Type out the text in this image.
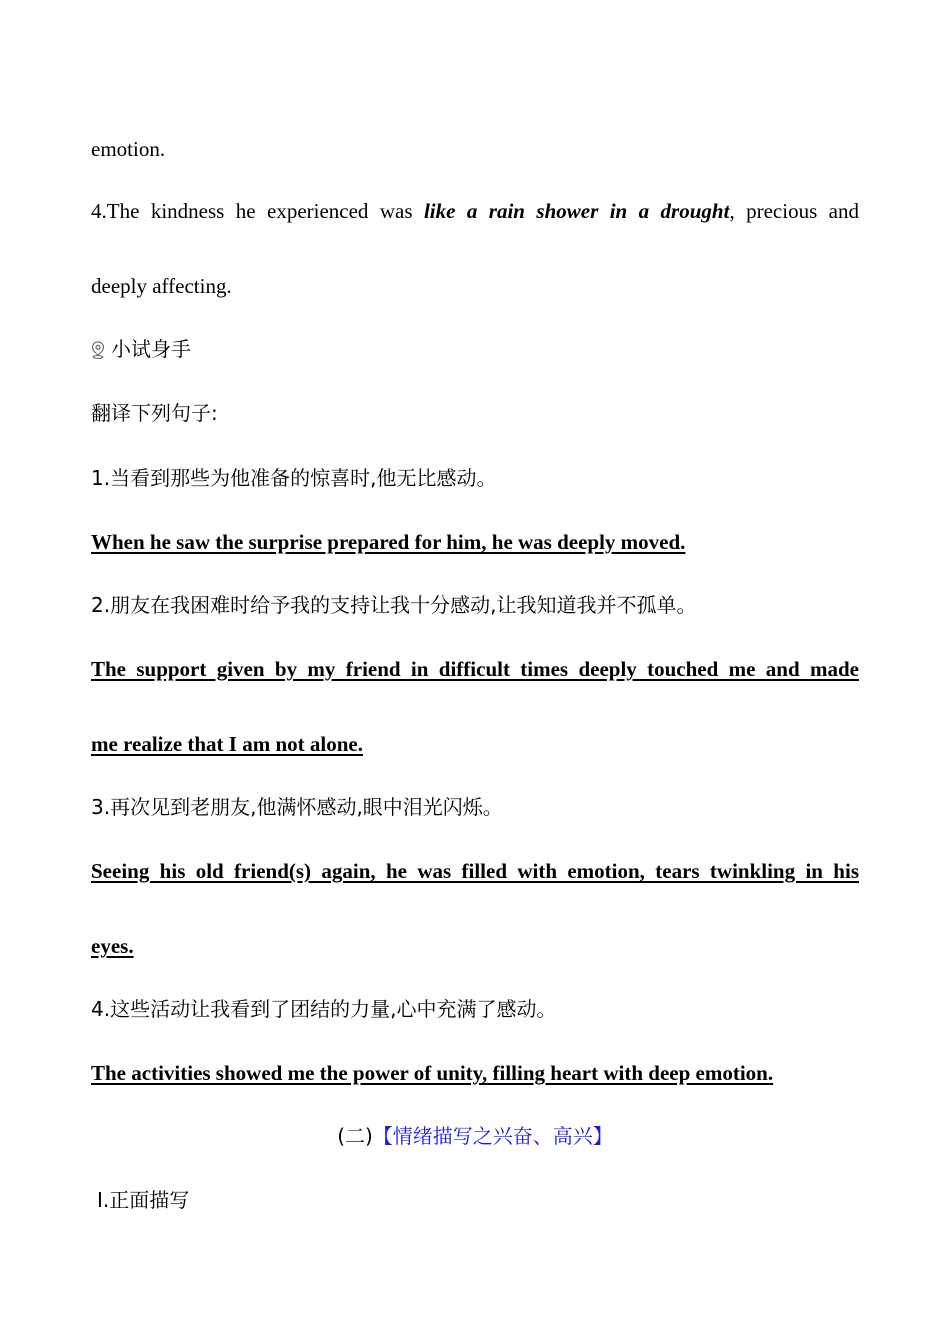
emotion.
4.The kindness he experienced was like a rain shower in a drought, precious and
deeply affecting.
小试身手
翻译下列句子:
1.当看到那些为他准备的惊喜时,他无比感动。
When he saw the surprise prepared for him, he was deeply moved.
2.朋友在我困难时给予我的支持让我十分感动,让我知道我并不孤单。
The support given by my friend in difficult times deeply touched me and made
me realize that I am not alone.
3.再次见到老朋友,他满怀感动,眼中泪光闪烁。
Seeing his old friend(s) again, he was filled with emotion, tears twinkling in his
eyes.
4.这些活动让我看到了团结的力量,心中充满了感动。
The activities showed me the power of unity, filling heart with deep emotion.
(二)【情绪描写之兴奋、高兴】
Ⅰ.正面描写
